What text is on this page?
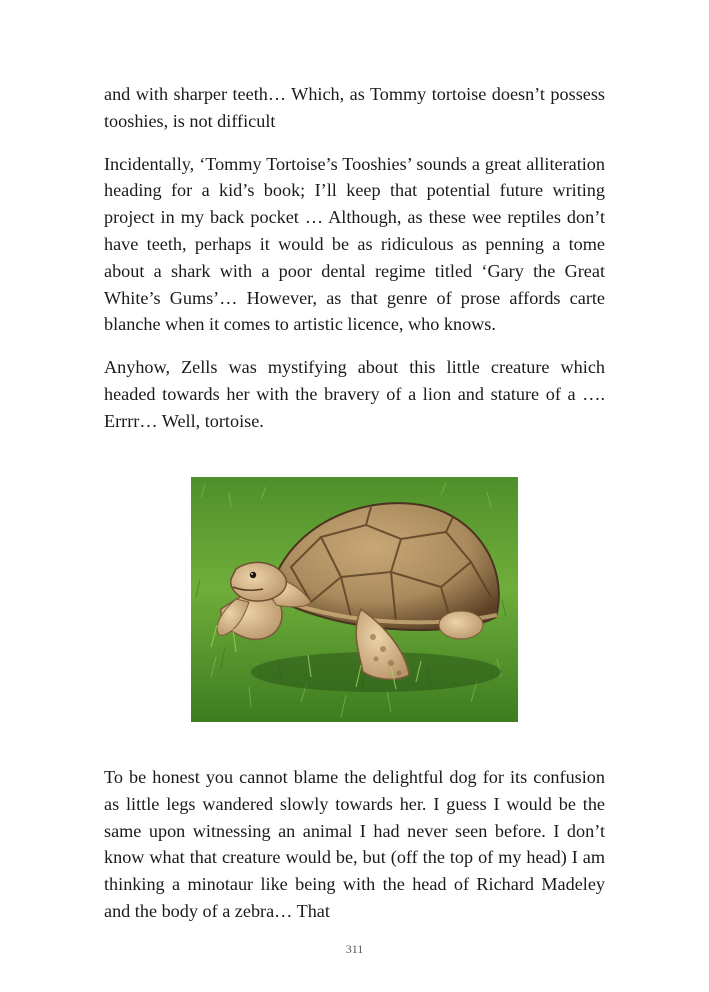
and with sharper teeth… Which, as Tommy tortoise doesn’t possess tooshies, is not difficult

Incidentally, ‘Tommy Tortoise’s Tooshies’ sounds a great alliteration heading for a kid’s book; I’ll keep that potential future writing project in my back pocket … Although, as these wee reptiles don’t have teeth, perhaps it would be as ridiculous as penning a tome about a shark with a poor dental regime titled ‘Gary the Great White’s Gums’… However, as that genre of prose affords carte blanche when it comes to artistic licence, who knows.

Anyhow, Zells was mystifying about this little creature which headed towards her with the bravery of a lion and stature of a …. Errrr… Well, tortoise.

To be honest you cannot blame the delightful dog for its confusion as little legs wandered slowly towards her. I guess I would be the same upon witnessing an animal I had never seen before. I don’t know what that creature would be, but (off the top of my head) I am thinking a minotaur like being with the head of Richard Madeley and the body of a zebra… That

311
